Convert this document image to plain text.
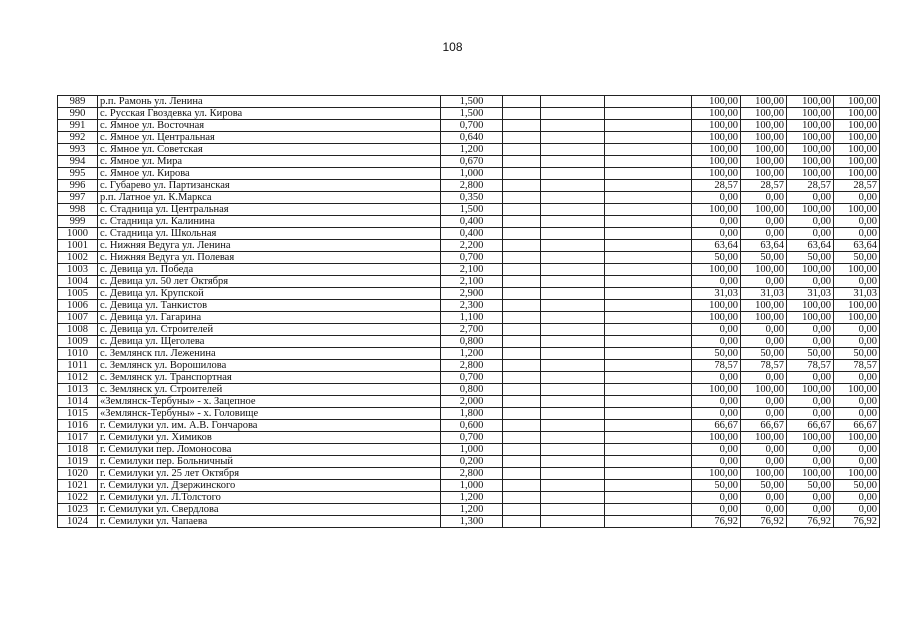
108
989	р.п. Рамонь ул. Ленина	1,500				100,00	100,00	100,00	100,00
990	с. Русская Гвоздевка ул. Кирова	1,500				100,00	100,00	100,00	100,00
991	с. Ямное ул. Восточная	0,700				100,00	100,00	100,00	100,00
992	с. Ямное ул. Центральная	0,640				100,00	100,00	100,00	100,00
993	с. Ямное ул. Советская	1,200				100,00	100,00	100,00	100,00
994	с. Ямное ул. Мира	0,670				100,00	100,00	100,00	100,00
995	с. Ямное ул. Кирова	1,000				100,00	100,00	100,00	100,00
996	с. Губарево ул. Партизанская	2,800				28,57	28,57	28,57	28,57
997	р.п. Латное ул. К.Маркса	0,350				0,00	0,00	0,00	0,00
998	с. Стадница ул. Центральная	1,500				100,00	100,00	100,00	100,00
999	с. Стадница ул. Калинина	0,400				0,00	0,00	0,00	0,00
1000	с. Стадница ул. Школьная	0,400				0,00	0,00	0,00	0,00
1001	с. Нижняя Ведуга ул. Ленина	2,200				63,64	63,64	63,64	63,64
1002	с. Нижняя Ведуга ул. Полевая	0,700				50,00	50,00	50,00	50,00
1003	с. Девица ул. Победа	2,100				100,00	100,00	100,00	100,00
1004	с. Девица ул. 50 лет Октября	2,100				0,00	0,00	0,00	0,00
1005	с. Девица ул. Крупской	2,900				31,03	31,03	31,03	31,03
1006	с. Девица ул. Танкистов	2,300				100,00	100,00	100,00	100,00
1007	с. Девица ул. Гагарина	1,100				100,00	100,00	100,00	100,00
1008	с. Девица ул. Строителей	2,700				0,00	0,00	0,00	0,00
1009	с. Девица ул. Щеголева	0,800				0,00	0,00	0,00	0,00
1010	с. Землянск пл. Леженина	1,200				50,00	50,00	50,00	50,00
1011	с. Землянск ул. Ворошилова	2,800				78,57	78,57	78,57	78,57
1012	с. Землянск ул. Транспортная	0,700				0,00	0,00	0,00	0,00
1013	с. Землянск ул. Строителей	0,800				100,00	100,00	100,00	100,00
1014	«Землянск-Тербуны» - х. Зацепное	2,000				0,00	0,00	0,00	0,00
1015	«Землянск-Тербуны» - х. Головище	1,800				0,00	0,00	0,00	0,00
1016	г. Семилуки ул. им. А.В. Гончарова	0,600				66,67	66,67	66,67	66,67
1017	г. Семилуки ул. Химиков	0,700				100,00	100,00	100,00	100,00
1018	г. Семилуки пер. Ломоносова	1,000				0,00	0,00	0,00	0,00
1019	г. Семилуки пер. Больничный	0,200				0,00	0,00	0,00	0,00
1020	г. Семилуки ул. 25 лет Октября	2,800				100,00	100,00	100,00	100,00
1021	г. Семилуки ул. Дзержинского	1,000				50,00	50,00	50,00	50,00
1022	г. Семилуки ул. Л.Толстого	1,200				0,00	0,00	0,00	0,00
1023	г. Семилуки ул. Свердлова	1,200				0,00	0,00	0,00	0,00
1024	г. Семилуки ул. Чапаева	1,300				76,92	76,92	76,92	76,92
